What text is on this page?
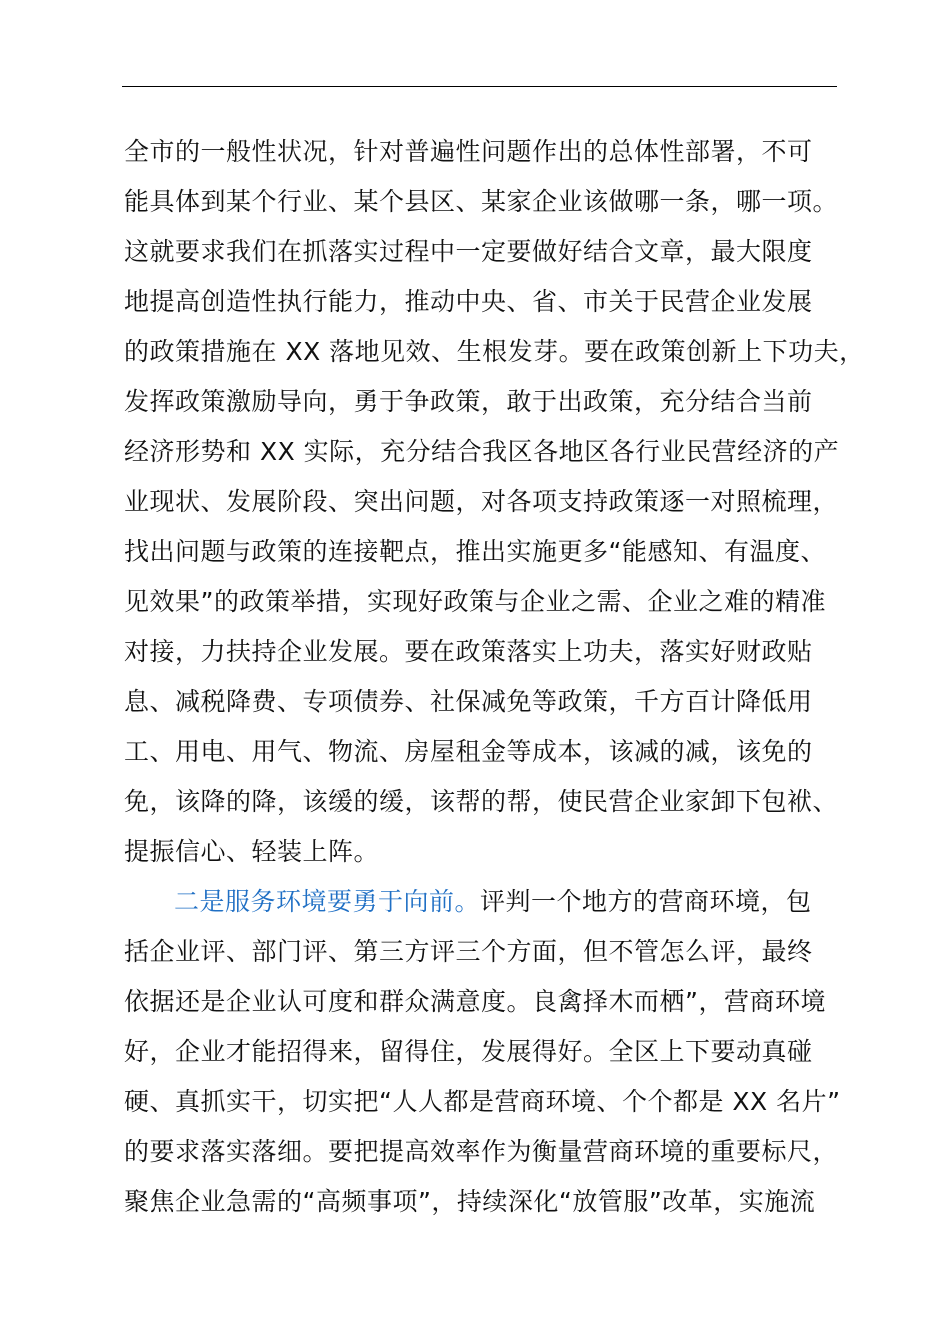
全市的一般性状况，针对普遍性问题作出的总体性部署，不可
能具体到某个行业、某个县区、某家企业该做哪一条，哪一项。
这就要求我们在抓落实过程中一定要做好结合文章，最大限度
地提高创造性执行能力，推动中央、省、市关于民营企业发展
的政策措施在 XX 落地见效、生根发芽。要在政策创新上下功夫，
发挥政策激励导向，勇于争政策，敢于出政策，充分结合当前
经济形势和 XX 实际，充分结合我区各地区各行业民营经济的产
业现状、发展阶段、突出问题，对各项支持政策逐一对照梳理，
找出问题与政策的连接靶点，推出实施更多“能感知、有温度、
见效果”的政策举措，实现好政策与企业之需、企业之难的精准
对接，力扶持企业发展。要在政策落实上功夫，落实好财政贴
息、减税降费、专项债券、社保减免等政策，千方百计降低用
工、用电、用气、物流、房屋租金等成本，该减的减，该免的
免，该降的降，该缓的缓，该帮的帮，使民营企业家卸下包袱、
提振信心、轻装上阵。
二是服务环境要勇于向前。评判一个地方的营商环境，包
括企业评、部门评、第三方评三个方面，但不管怎么评，最终
依据还是企业认可度和群众满意度。良禽择木而栖”，营商环境
好，企业才能招得来，留得住，发展得好。全区上下要动真碰
硬、真抓实干，切实把“人人都是营商环境、个个都是 XX 名片”
的要求落实落细。要把提高效率作为衡量营商环境的重要标尺，
聚焦企业急需的“高频事项”，持续深化“放管服”改革，实施流
